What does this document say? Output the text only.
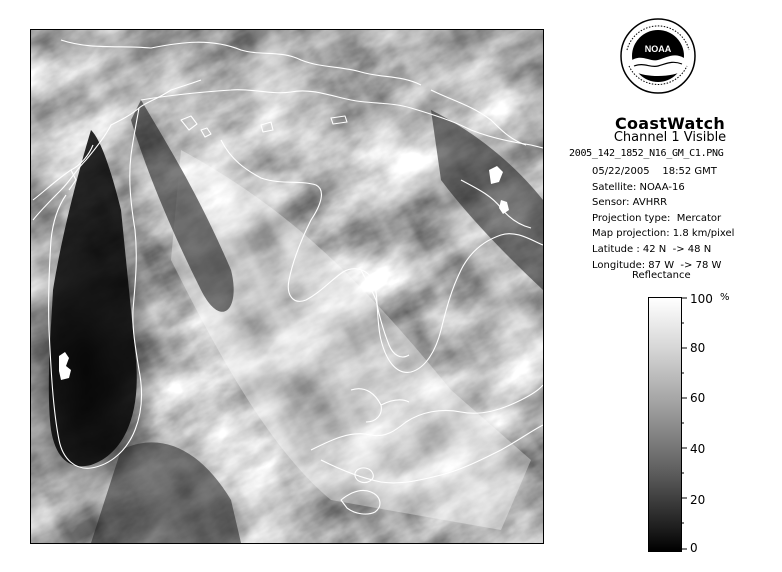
NOAA
CoastWatch
Channel 1 Visible
2005_142_1852_N16_GM_C1.PNG
05/22/2005 18:52 GMT
Satellite: NOAA-16
Sensor: AVHRR
Projection type:  Mercator
Map projection: 1.8 km/pixel
Latitude : 42 N  -> 48 N
Longitude: 87 W  -> 78 W
Reflectance
100
80
60
40
20
0
%
